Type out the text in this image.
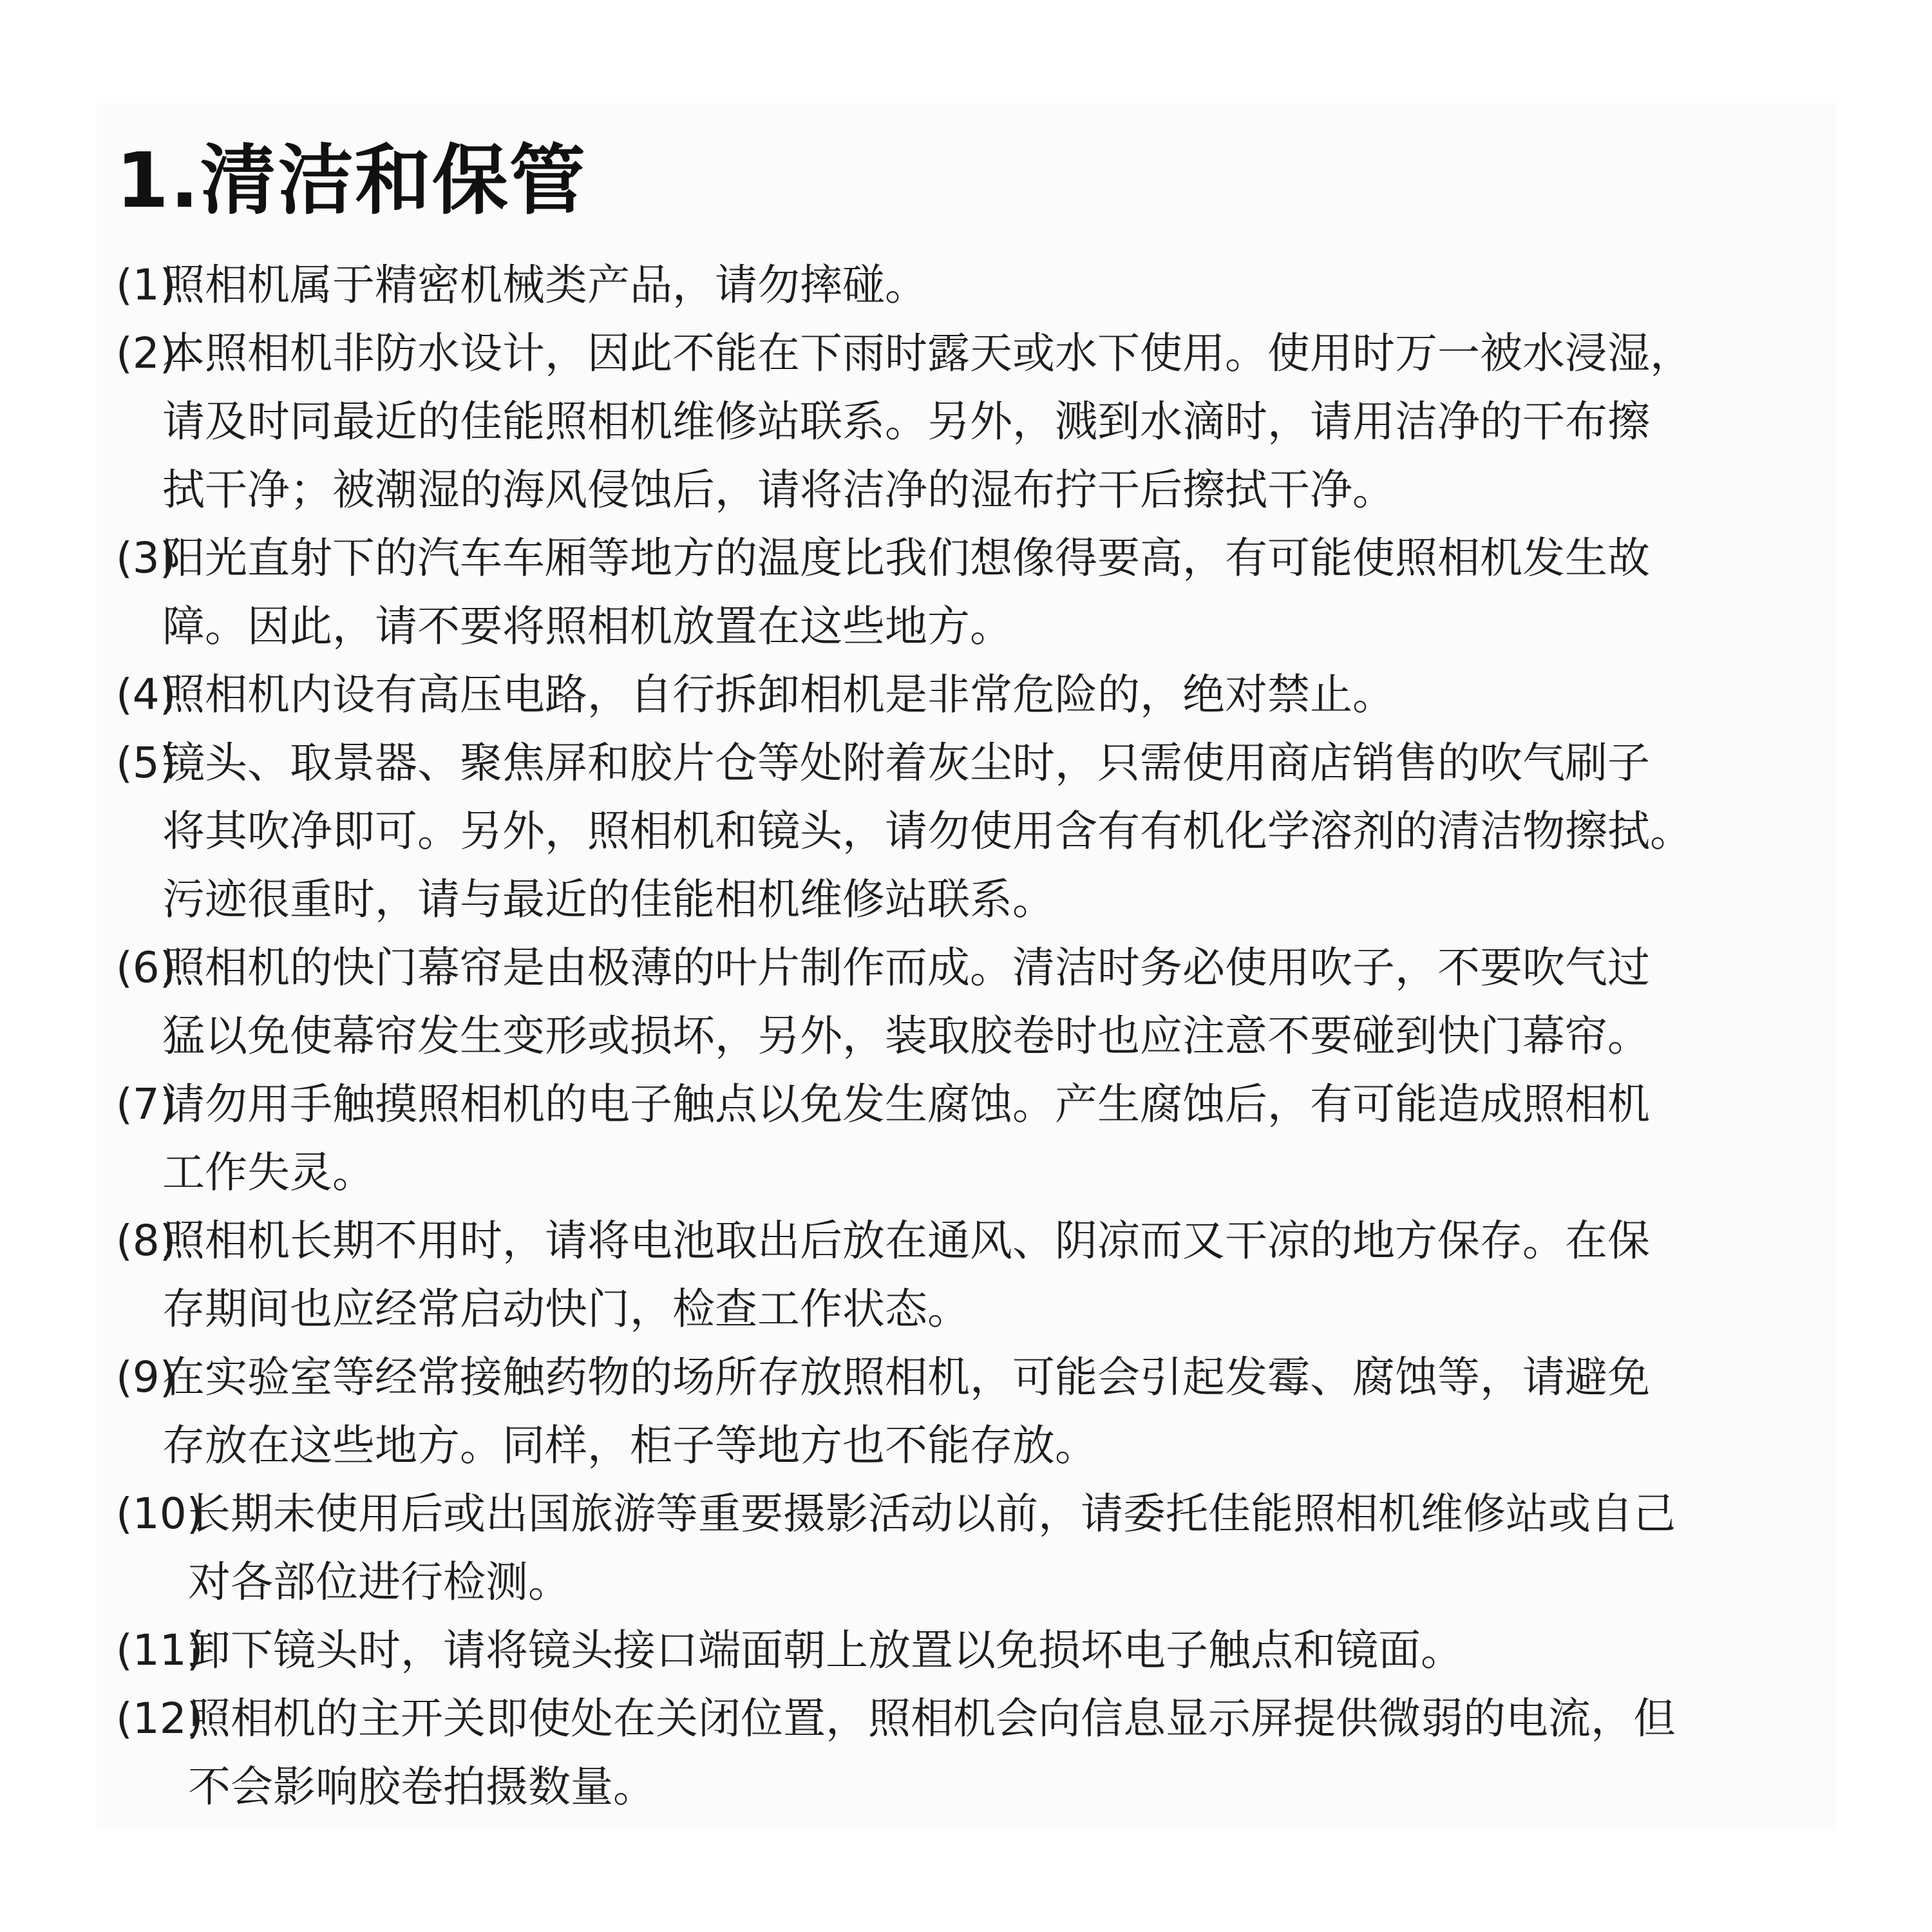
1.清洁和保管
(1)
照相机属于精密机械类产品，请勿摔碰。
(2)
本照相机非防水设计，因此不能在下雨时露天或水下使用。使用时万一被水浸湿，
请及时同最近的佳能照相机维修站联系。另外，溅到水滴时，请用洁净的干布擦
拭干净；被潮湿的海风侵蚀后，请将洁净的湿布拧干后擦拭干净。
(3)
阳光直射下的汽车车厢等地方的温度比我们想像得要高，有可能使照相机发生故
障。因此，请不要将照相机放置在这些地方。
(4)
照相机内设有高压电路，自行拆卸相机是非常危险的，绝对禁止。
(5)
镜头、取景器、聚焦屏和胶片仓等处附着灰尘时，只需使用商店销售的吹气刷子
将其吹净即可。另外，照相机和镜头，请勿使用含有有机化学溶剂的清洁物擦拭。
污迹很重时，请与最近的佳能相机维修站联系。
(6)
照相机的快门幕帘是由极薄的叶片制作而成。清洁时务必使用吹子，不要吹气过
猛以免使幕帘发生变形或损坏，另外，装取胶卷时也应注意不要碰到快门幕帘。
(7)
请勿用手触摸照相机的电子触点以免发生腐蚀。产生腐蚀后，有可能造成照相机
工作失灵。
(8)
照相机长期不用时，请将电池取出后放在通风、阴凉而又干凉的地方保存。在保
存期间也应经常启动快门，检查工作状态。
(9)
在实验室等经常接触药物的场所存放照相机，可能会引起发霉、腐蚀等，请避免
存放在这些地方。同样，柜子等地方也不能存放。
(10)
长期未使用后或出国旅游等重要摄影活动以前，请委托佳能照相机维修站或自己
对各部位进行检测。
(11)
卸下镜头时，请将镜头接口端面朝上放置以免损坏电子触点和镜面。
(12)
照相机的主开关即使处在关闭位置，照相机会向信息显示屏提供微弱的电流，但
不会影响胶卷拍摄数量。
